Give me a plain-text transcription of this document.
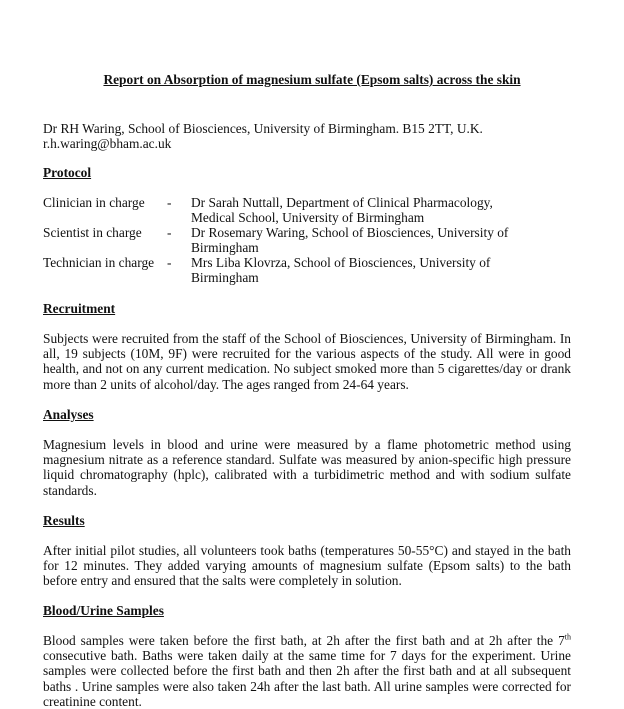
Report on Absorption of magnesium sulfate (Epsom salts) across the skin
Dr RH Waring, School of Biosciences, University of Birmingham. B15 2TT, U.K.
r.h.waring@bham.ac.uk
Protocol
Clinician in charge	-	Dr Sarah Nuttall, Department of Clinical Pharmacology, Medical School, University of Birmingham
Scientist in charge	-	Dr Rosemary Waring, School of Biosciences, University of Birmingham
Technician in charge -	Mrs Liba Klovrza, School of Biosciences, University of Birmingham
Recruitment

Subjects were recruited from the staff of the School of Biosciences, University of Birmingham. In all, 19 subjects (10M, 9F) were recruited for the various aspects of the study. All were in good health, and not on any current medication. No subject smoked more than 5 cigarettes/day or drank more than 2 units of alcohol/day. The ages ranged from 24-64 years.

Analyses

Magnesium levels in blood and urine were measured by a flame photometric method using magnesium nitrate as a reference standard. Sulfate was measured by anion-specific high pressure liquid chromatography (hplc), calibrated with a turbidimetric method and with sodium sulfate standards.

Results

After initial pilot studies, all volunteers took baths (temperatures 50-55°C) and stayed in the bath for 12 minutes. They added varying amounts of magnesium sulfate (Epsom salts) to the bath before entry and ensured that the salts were completely in solution.

Blood/Urine Samples

Blood samples were taken before the first bath, at 2h after the first bath and at 2h after the 7th consecutive bath. Baths were taken daily at the same time for 7 days for the experiment. Urine samples were collected before the first bath and then 2h after the first bath and at all subsequent baths . Urine samples were also taken 24h after the last bath. All urine samples were corrected for creatinine content.
